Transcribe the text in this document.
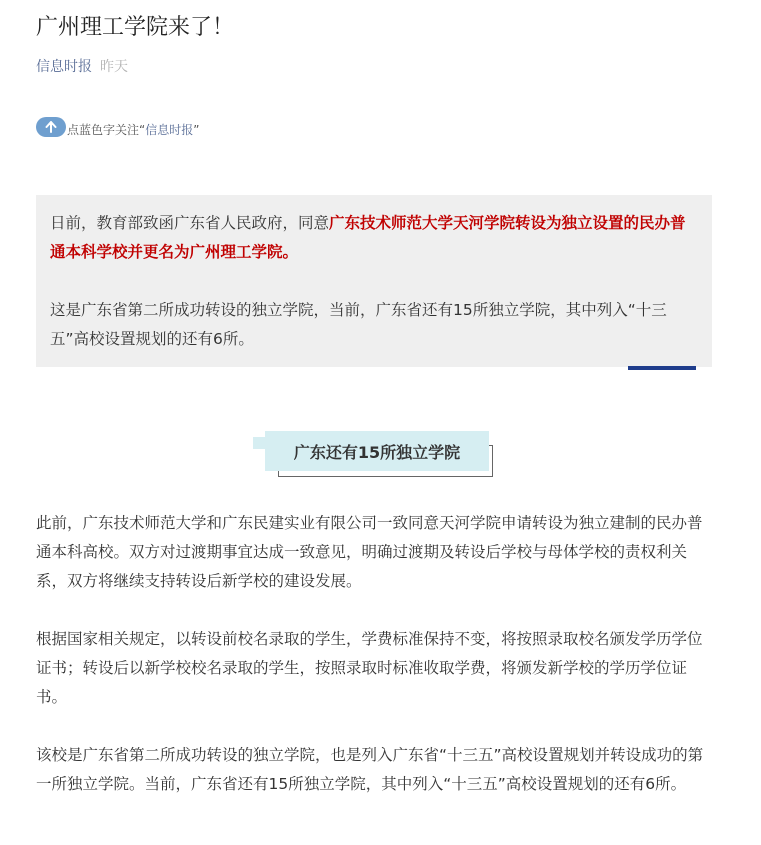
广州理工学院来了！
信息时报 昨天
点蓝色字关注“信息时报”

日前，教育部致函广东省人民政府，同意广东技术师范大学天河学院转设为独立设置的民办普通本科学校并更名为广州理工学院。

这是广东省第二所成功转设的独立学院，当前，广东省还有15所独立学院，其中列入“十三五”高校设置规划的还有6所。

广东还有15所独立学院

此前，广东技术师范大学和广东民建实业有限公司一致同意天河学院申请转设为独立建制的民办普通本科高校。双方对过渡期事宜达成一致意见，明确过渡期及转设后学校与母体学校的责权利关系，双方将继续支持转设后新学校的建设发展。

根据国家相关规定，以转设前校名录取的学生，学费标准保持不变，将按照录取校名颁发学历学位证书；转设后以新学校校名录取的学生，按照录取时标准收取学费，将颁发新学校的学历学位证书。

该校是广东省第二所成功转设的独立学院，也是列入广东省“十三五”高校设置规划并转设成功的第一所独立学院。当前，广东省还有15所独立学院，其中列入“十三五”高校设置规划的还有6所。
